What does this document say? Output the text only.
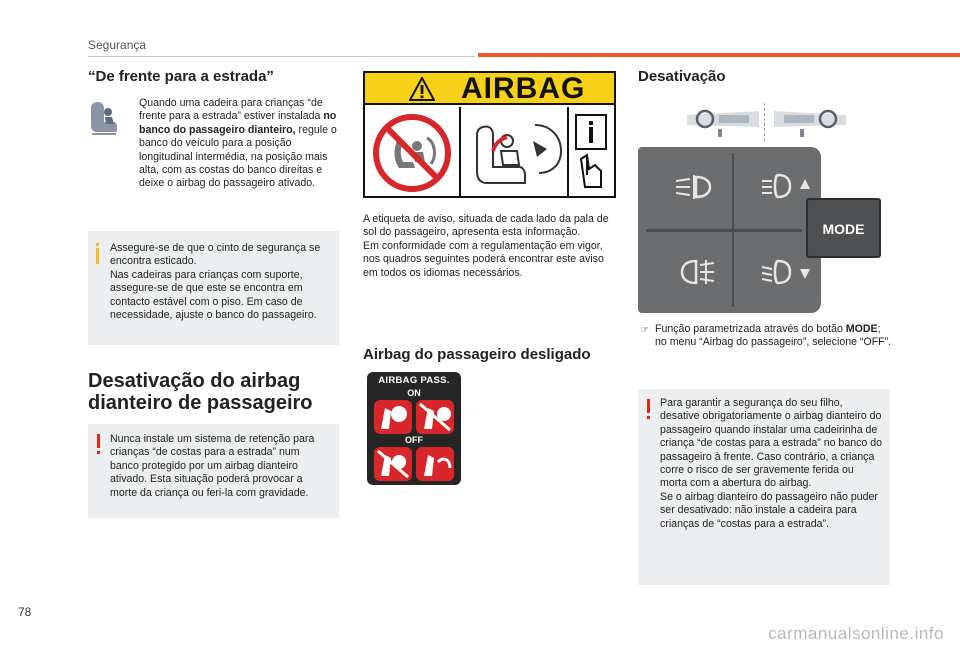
Segurança
“De frente para a estrada”
Quando uma cadeira para crianças “de frente para a estrada” estiver instalada no banco do passageiro dianteiro, regule o banco do veículo para a posição longitudinal intermédia, na posição mais alta, com as costas do banco direitas e deixe o airbag do passageiro ativado.
Assegure-se de que o cinto de segurança se encontra esticado.
Nas cadeiras para crianças com suporte, assegure-se de que este se encontra em contacto estável com o piso. Em caso de necessidade, ajuste o banco do passageiro.
Desativação do airbag
dianteiro de passageiro
Nunca instale um sistema de retenção para crianças “de costas para a estrada” num banco protegido por um airbag dianteiro ativado. Esta situação poderá provocar a morte da criança ou feri-la com gravidade.
AIRBAG
A etiqueta de aviso, situada de cada lado da pala de sol do passageiro, apresenta esta informação.
Em conformidade com a regulamentação em vigor, nos quadros seguintes poderá encontrar este aviso em todos os idiomas necessários.
Airbag do passageiro desligado
AIRBAG PASS.
ON
OFF
Desativação
MODE
☞ Função parametrizada através do botão MODE; no menu “Airbag do passageiro”, selecione “OFF”.
Para garantir a segurança do seu filho, desative obrigatoriamente o airbag dianteiro do passageiro quando instalar uma cadeirinha de criança “de costas para a estrada” no banco do passageiro à frente. Caso contrário, a criança corre o risco de ser gravemente ferida ou morta com a abertura do airbag.
Se o airbag dianteiro do passageiro não puder ser desativado: não instale a cadeira para crianças de “costas para a estrada”.
78
carmanualsonline.info
